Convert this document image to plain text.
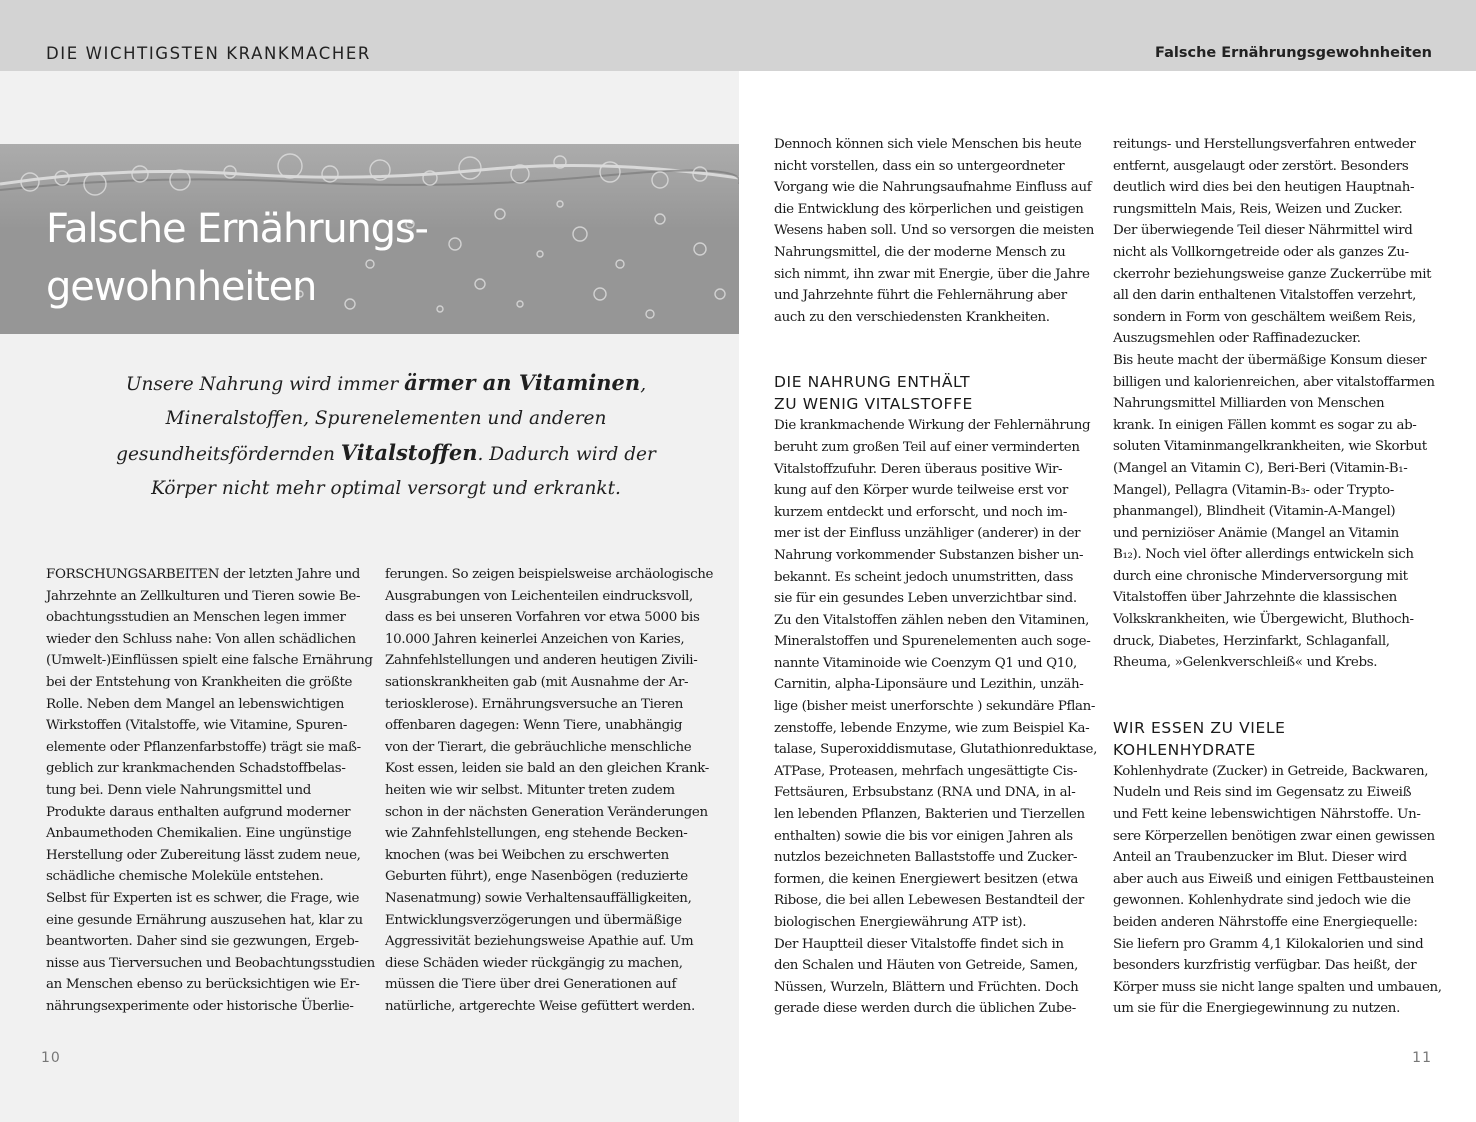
DIE WICHTIGSTEN KRANKMACHER	Falsche Ernährungsgewohnheiten
Falsche Ernährungs-
gewohnheiten
Unsere Nahrung wird immer ärmer an Vitaminen, Mineralstoffen, Spurenelementen und anderen gesundheitsfördernden Vitalstoffen. Dadurch wird der Körper nicht mehr optimal versorgt und erkrankt.
FORSCHUNGSARBEITEN der letzten Jahre und
Jahrzehnte an Zellkulturen und Tieren sowie Be-
obachtungsstudien an Menschen legen immer
wieder den Schluss nahe: Von allen schädlichen
(Umwelt-)Einflüssen spielt eine falsche Ernährung
bei der Entstehung von Krankheiten die größte
Rolle. Neben dem Mangel an lebenswichtigen
Wirkstoffen (Vitalstoffe, wie Vitamine, Spuren-
elemente oder Pflanzenfarbstoffe) trägt sie maß-
geblich zur krankmachenden Schadstoffbelas-
tung bei. Denn viele Nahrungsmittel und
Produkte daraus enthalten aufgrund moderner
Anbaumethoden Chemikalien. Eine ungünstige
Herstellung oder Zubereitung lässt zudem neue,
schädliche chemische Moleküle entstehen.
Selbst für Experten ist es schwer, die Frage, wie
eine gesunde Ernährung auszusehen hat, klar zu
beantworten. Daher sind sie gezwungen, Ergeb-
nisse aus Tierversuchen und Beobachtungsstudien
an Menschen ebenso zu berücksichtigen wie Er-
nährungsexperimente oder historische Überlie-
ferungen. So zeigen beispielsweise archäologische
Ausgrabungen von Leichenteilen eindrucksvoll,
dass es bei unseren Vorfahren vor etwa 5000 bis
10.000 Jahren keinerlei Anzeichen von Karies,
Zahnfehlstellungen und anderen heutigen Zivili-
sationskrankheiten gab (mit Ausnahme der Ar-
teriosklerose). Ernährungsversuche an Tieren
offenbaren dagegen: Wenn Tiere, unabhängig
von der Tierart, die gebräuchliche menschliche
Kost essen, leiden sie bald an den gleichen Krank-
heiten wie wir selbst. Mitunter treten zudem
schon in der nächsten Generation Veränderungen
wie Zahnfehlstellungen, eng stehende Becken-
knochen (was bei Weibchen zu erschwerten
Geburten führt), enge Nasenbögen (reduzierte
Nasenatmung) sowie Verhaltensauffälligkeiten,
Entwicklungsverzögerungen und übermäßige
Aggressivität beziehungsweise Apathie auf. Um
diese Schäden wieder rückgängig zu machen,
müssen die Tiere über drei Generationen auf
natürliche, artgerechte Weise gefüttert werden.
Dennoch können sich viele Menschen bis heute
nicht vorstellen, dass ein so untergeordneter
Vorgang wie die Nahrungsaufnahme Einfluss auf
die Entwicklung des körperlichen und geistigen
Wesens haben soll. Und so versorgen die meisten
Nahrungsmittel, die der moderne Mensch zu
sich nimmt, ihn zwar mit Energie, über die Jahre
und Jahrzehnte führt die Fehlernährung aber
auch zu den verschiedensten Krankheiten.
DIE NAHRUNG ENTHÄLT
ZU WENIG VITALSTOFFE
Die krankmachende Wirkung der Fehlernährung
beruht zum großen Teil auf einer verminderten
Vitalstoffzufuhr. Deren überaus positive Wir-
kung auf den Körper wurde teilweise erst vor
kurzem entdeckt und erforscht, und noch im-
mer ist der Einfluss unzähliger (anderer) in der
Nahrung vorkommender Substanzen bisher un-
bekannt. Es scheint jedoch unumstritten, dass
sie für ein gesundes Leben unverzichtbar sind.
Zu den Vitalstoffen zählen neben den Vitaminen,
Mineralstoffen und Spurenelementen auch soge-
nannte Vitaminoide wie Coenzym Q1 und Q10,
Carnitin, alpha-Liponsäure und Lezithin, unzäh-
lige (bisher meist unerforschte ) sekundäre Pflan-
zenstoffe, lebende Enzyme, wie zum Beispiel Ka-
talase, Superoxiddismutase, Glutathionreduktase,
ATPase, Proteasen, mehrfach ungesättigte Cis-
Fettsäuren, Erbsubstanz (RNA und DNA, in al-
len lebenden Pflanzen, Bakterien und Tierzellen
enthalten) sowie die bis vor einigen Jahren als
nutzlos bezeichneten Ballaststoffe und Zucker-
formen, die keinen Energiewert besitzen (etwa
Ribose, die bei allen Lebewesen Bestandteil der
biologischen Energiewährung ATP ist).
Der Hauptteil dieser Vitalstoffe findet sich in
den Schalen und Häuten von Getreide, Samen,
Nüssen, Wurzeln, Blättern und Früchten. Doch
gerade diese werden durch die üblichen Zube-
reitungs- und Herstellungsverfahren entweder
entfernt, ausgelaugt oder zerstört. Besonders
deutlich wird dies bei den heutigen Hauptnah-
rungsmitteln Mais, Reis, Weizen und Zucker.
Der überwiegende Teil dieser Nährmittel wird
nicht als Vollkorngetreide oder als ganzes Zu-
ckerrohr beziehungsweise ganze Zuckerrübe mit
all den darin enthaltenen Vitalstoffen verzehrt,
sondern in Form von geschältem weißem Reis,
Auszugsmehlen oder Raffinadezucker.
Bis heute macht der übermäßige Konsum dieser
billigen und kalorienreichen, aber vitalstoffarmen
Nahrungsmittel Milliarden von Menschen
krank. In einigen Fällen kommt es sogar zu ab-
soluten Vitaminmangelkrankheiten, wie Skorbut
(Mangel an Vitamin C), Beri-Beri (Vitamin-B₁-
Mangel), Pellagra (Vitamin-B₃- oder Trypto-
phanmangel), Blindheit (Vitamin-A-Mangel)
und perniziöser Anämie (Mangel an Vitamin
B₁₂). Noch viel öfter allerdings entwickeln sich
durch eine chronische Minderversorgung mit
Vitalstoffen über Jahrzehnte die klassischen
Volkskrankheiten, wie Übergewicht, Bluthoch-
druck, Diabetes, Herzinfarkt, Schlaganfall,
Rheuma, »Gelenkverschleiß« und Krebs.
WIR ESSEN ZU VIELE
KOHLENHYDRATE
Kohlenhydrate (Zucker) in Getreide, Backwaren,
Nudeln und Reis sind im Gegensatz zu Eiweiß
und Fett keine lebenswichtigen Nährstoffe. Un-
sere Körperzellen benötigen zwar einen gewissen
Anteil an Traubenzucker im Blut. Dieser wird
aber auch aus Eiweiß und einigen Fettbausteinen
gewonnen. Kohlenhydrate sind jedoch wie die
beiden anderen Nährstoffe eine Energiequelle:
Sie liefern pro Gramm 4,1 Kilokalorien und sind
besonders kurzfristig verfügbar. Das heißt, der
Körper muss sie nicht lange spalten und umbauen,
um sie für die Energiegewinnung zu nutzen.
10	11
